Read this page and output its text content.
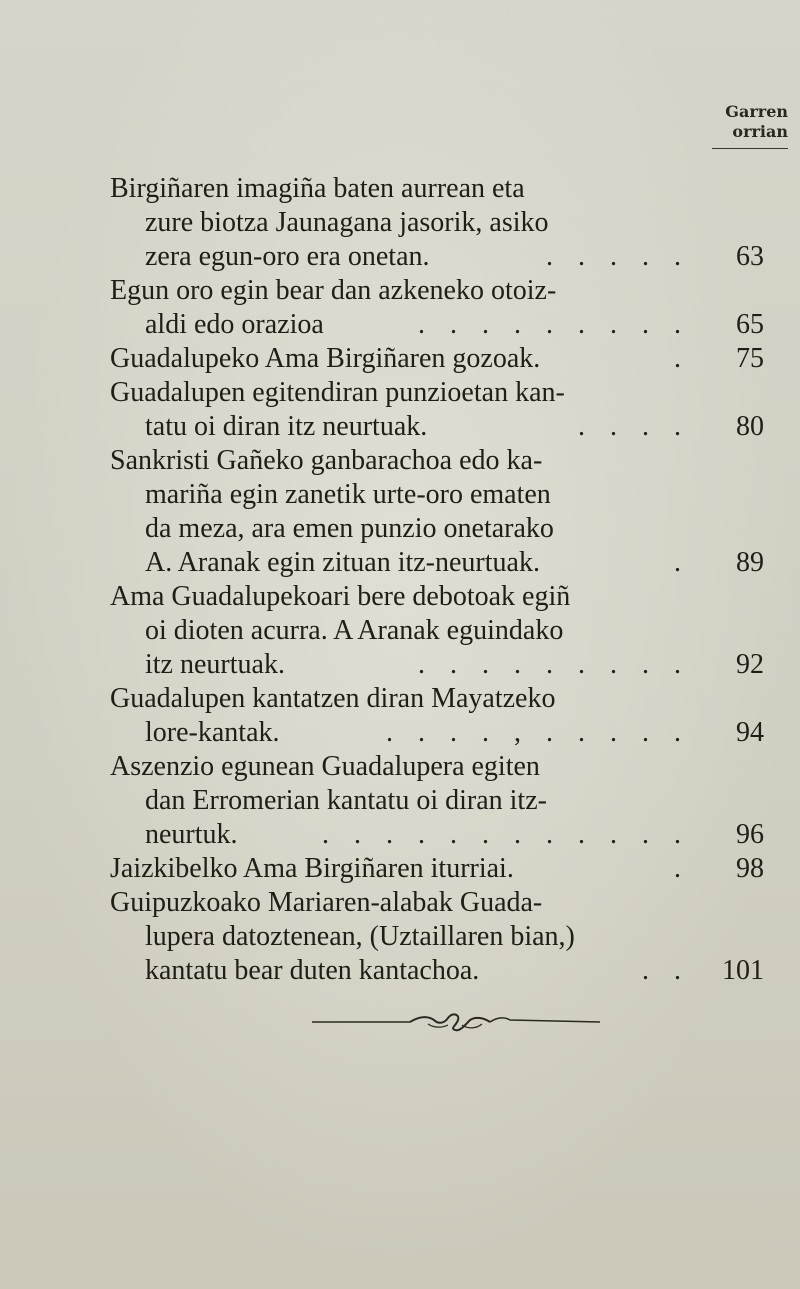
Garren
orrian
Birgiñaren imagiña baten aurrean eta
zure biotza Jaunagana jasorik, asiko
zera egun-oro era onetan.	. . . . .	63
Egun oro egin bear dan azkeneko otoiz-
aldi edo orazioa	. . . . . . . . .	65
Guadalupeko Ama Birgiñaren gozoak.	.	75
Guadalupen egitendiran punzioetan kan-
tatu oi diran itz neurtuak.	. . . .	80
Sankristi Gañeko ganbarachoa edo ka-
mariña egin zanetik urte-oro ematen
da meza, ara emen punzio onetarako
A. Aranak egin zituan itz-neurtuak.	.	89
Ama Guadalupekoari bere debotoak egiñ
oi dioten acurra. A Aranak eguindako
itz neurtuak.	. . . . . . . . .	92
Guadalupen kantatzen diran Mayatzeko
lore-kantak.	. . . . , . . . . .	94
Aszenzio egunean Guadalupera egiten
dan Erromerian kantatu oi diran itz-
neurtuk.	. . . . . . . . . . . .	96
Jaizkibelko Ama Birgiñaren iturriai.	.	98
Guipuzkoako Mariaren-alabak Guada-
lupera datoztenean, (Uztaillaren bian,)
kantatu bear duten kantachoa.	. .	101
